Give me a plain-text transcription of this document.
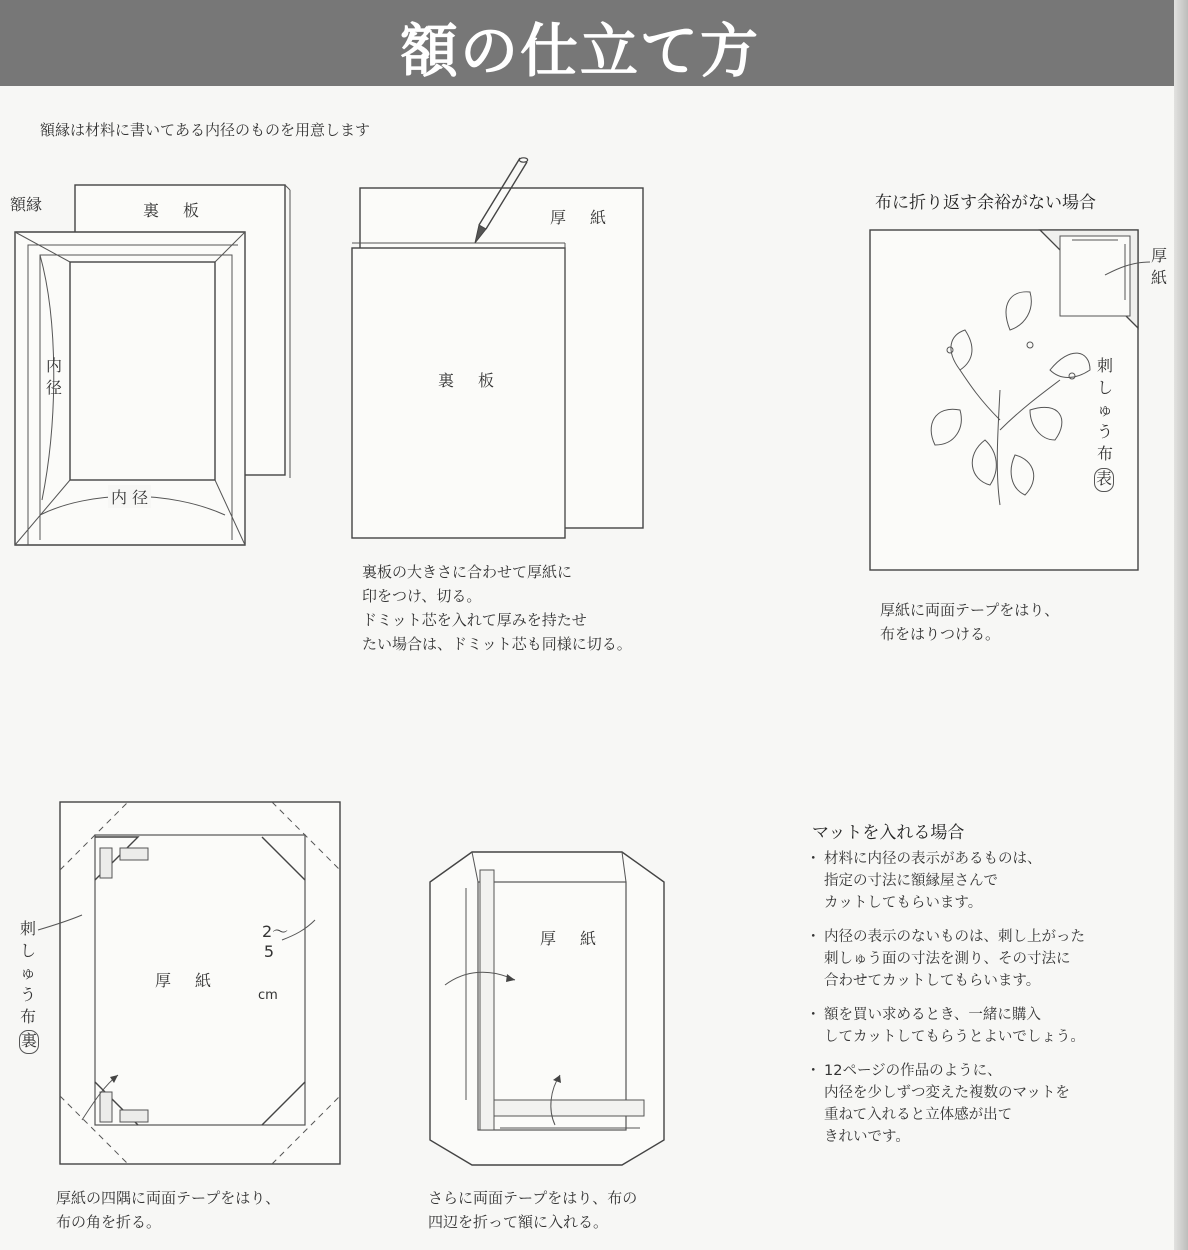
額の仕立て方
額縁は材料に書いてある内径のものを用意します
額縁	裏　板
内径
内 径
厚　紙
裏　板
裏板の大きさに合わせて厚紙に
印をつけ、切る。
ドミット芯を入れて厚みを持たせ
たい場合は、ドミット芯も同様に切る。
布に折り返す余裕がない場合
厚紙
刺しゅう布
表
厚紙に両面テープをはり、
布をはりつける。
刺しゅう布
裏
厚　紙
2〜5
cm
厚紙の四隅に両面テープをはり、
布の角を折る。
厚　紙
さらに両面テープをはり、布の
四辺を折って額に入れる。
マットを入れる場合
・ 材料に内径の表示があるものは、
指定の寸法に額縁屋さんで
カットしてもらいます。
・ 内径の表示のないものは、刺し上がった
刺しゅう面の寸法を測り、その寸法に
合わせてカットしてもらいます。
・ 額を買い求めるとき、一緒に購入
してカットしてもらうとよいでしょう。
・ 12ページの作品のように、
内径を少しずつ変えた複数のマットを
重ねて入れると立体感が出て
きれいです。
